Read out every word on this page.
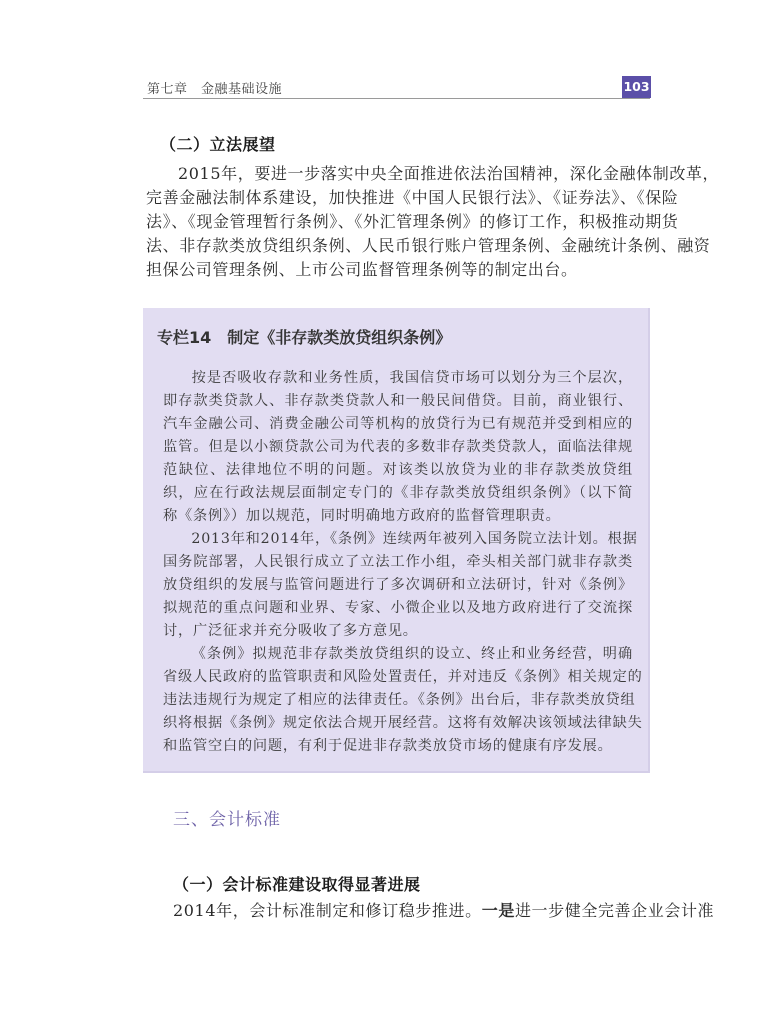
第七章　金融基础设施	103
（二）立法展望
2015年，要进一步落实中央全面推进依法治国精神，深化金融体制改革，
完善金融法制体系建设，加快推进《中国人民银行法》、《证券法》、《保险
法》、《现金管理暂行条例》、《外汇管理条例》的修订工作，积极推动期货
法、非存款类放贷组织条例、人民币银行账户管理条例、金融统计条例、融资
担保公司管理条例、上市公司监督管理条例等的制定出台。
专栏14　制定《非存款类放贷组织条例》
按是否吸收存款和业务性质，我国信贷市场可以划分为三个层次，
即存款类贷款人、非存款类贷款人和一般民间借贷。目前，商业银行、
汽车金融公司、消费金融公司等机构的放贷行为已有规范并受到相应的
监管。但是以小额贷款公司为代表的多数非存款类贷款人，面临法律规
范缺位、法律地位不明的问题。对该类以放贷为业的非存款类放贷组
织，应在行政法规层面制定专门的《非存款类放贷组织条例》（以下简
称《条例》）加以规范，同时明确地方政府的监督管理职责。
2013年和2014年，《条例》连续两年被列入国务院立法计划。根据
国务院部署，人民银行成立了立法工作小组，牵头相关部门就非存款类
放贷组织的发展与监管问题进行了多次调研和立法研讨，针对《条例》
拟规范的重点问题和业界、专家、小微企业以及地方政府进行了交流探
讨，广泛征求并充分吸收了多方意见。
《条例》拟规范非存款类放贷组织的设立、终止和业务经营，明确
省级人民政府的监管职责和风险处置责任，并对违反《条例》相关规定的
违法违规行为规定了相应的法律责任。《条例》出台后，非存款类放贷组
织将根据《条例》规定依法合规开展经营。这将有效解决该领域法律缺失
和监管空白的问题，有利于促进非存款类放贷市场的健康有序发展。
三、会计标准
（一）会计标准建设取得显著进展
2014年，会计标准制定和修订稳步推进。一是进一步健全完善企业会计准
